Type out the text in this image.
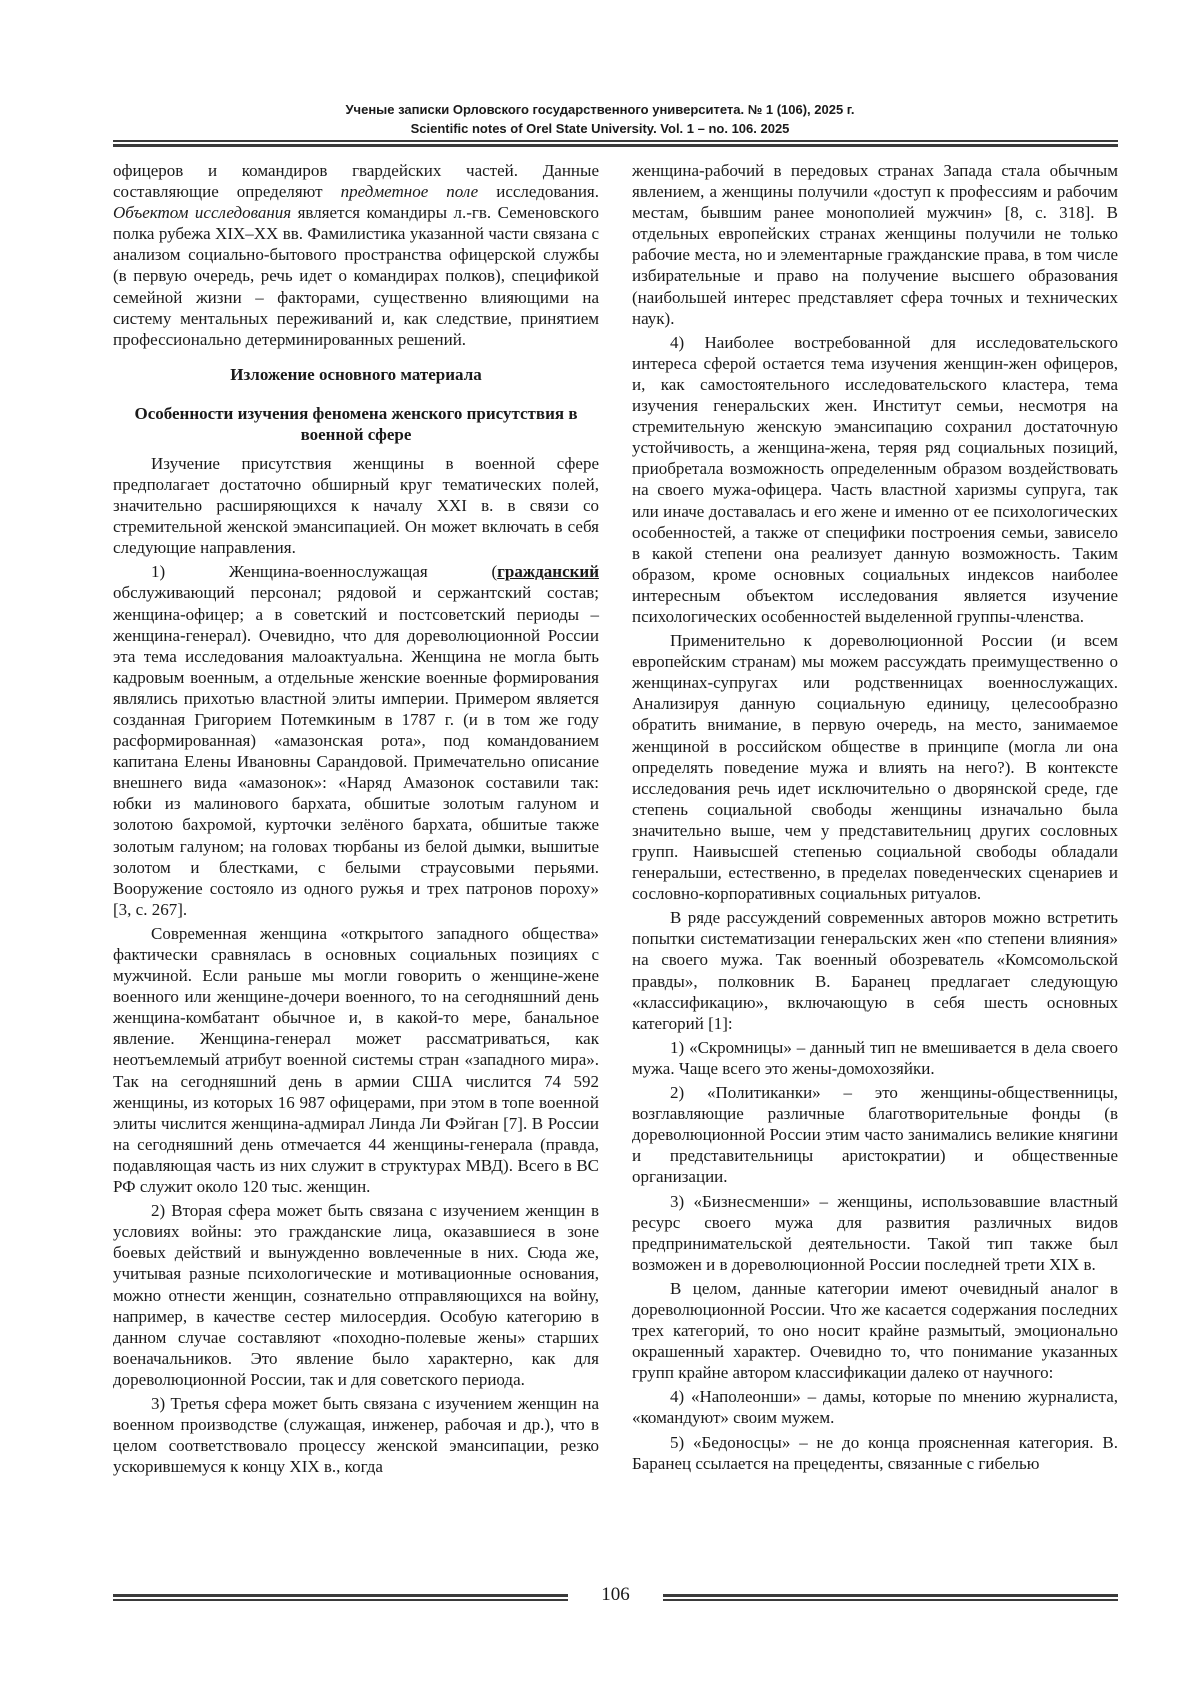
Ученые записки Орловского государственного университета. № 1 (106), 2025 г.
Scientific notes of Orel State University. Vol. 1 – no. 106. 2025

офицеров и командиров гвардейских частей. Данные составляющие определяют предметное поле исследования. Объектом исследования является командиры л.-гв. Семеновского полка рубежа XIX–XX вв. Фамилистика указанной части связана с анализом социально-бытового пространства офицерской службы (в первую очередь, речь идет о командирах полков), спецификой семейной жизни – факторами, существенно влияющими на систему ментальных переживаний и, как следствие, принятием профессионально детерминированных решений.

Изложение основного материала
Особенности изучения феномена женского присутствия в военной сфере

Изучение присутствия женщины в военной сфере предполагает достаточно обширный круг тематических полей, значительно расширяющихся к началу XXI в. в связи со стремительной женской эмансипацией. Он может включать в себя следующие направления.

1) Женщина-военнослужащая (гражданский обслуживающий персонал; рядовой и сержантский состав; женщина-офицер; а в советский и постсоветский периоды – женщина-генерал). Очевидно, что для дореволюционной России эта тема исследования малоактуальна. Женщина не могла быть кадровым военным, а отдельные женские военные формирования являлись прихотью властной элиты империи. Примером является созданная Григорием Потемкиным в 1787 г. (и в том же году расформированная) «амазонская рота», под командованием капитана Елены Ивановны Сарандовой. Примечательно описание внешнего вида «амазонок»: «Наряд Амазонок составили так: юбки из малинового бархата, обшитые золотым галуном и золотою бахромой, курточки зелёного бархата, обшитые также золотым галуном; на головах тюрбаны из белой дымки, вышитые золотом и блестками, с белыми страусовыми перьями. Вооружение состояло из одного ружья и трех патронов пороху» [3, с. 267].

Современная женщина «открытого западного общества» фактически сравнялась в основных социальных позициях с мужчиной. Если раньше мы могли говорить о женщине-жене военного или женщине-дочери военного, то на сегодняшний день женщина-комбатант обычное и, в какой-то мере, банальное явление. Женщина-генерал может рассматриваться, как неотъемлемый атрибут военной системы стран «западного мира». Так на сегодняшний день в армии США числится 74 592 женщины, из которых 16 987 офицерами, при этом в топе военной элиты числится женщина-адмирал Линда Ли Фэйган [7]. В России на сегодняшний день отмечается 44 женщины-генерала (правда, подавляющая часть из них служит в структурах МВД). Всего в ВС РФ служит около 120 тыс. женщин.

2) Вторая сфера может быть связана с изучением женщин в условиях войны: это гражданские лица, оказавшиеся в зоне боевых действий и вынужденно вовлеченные в них. Сюда же, учитывая разные психологические и мотивационные основания, можно отнести женщин, сознательно отправляющихся на войну, например, в качестве сестер милосердия. Особую категорию в данном случае составляют «походно-полевые жены» старших военачальников. Это явление было характерно, как для дореволюционной России, так и для советского периода.

3) Третья сфера может быть связана с изучением женщин на военном производстве (служащая, инженер, рабочая и др.), что в целом соответствовало процессу женской эмансипации, резко ускорившемуся к концу XIX в., когда

женщина-рабочий в передовых странах Запада стала обычным явлением, а женщины получили «доступ к профессиям и рабочим местам, бывшим ранее монополией мужчин» [8, с. 318]. В отдельных европейских странах женщины получили не только рабочие места, но и элементарные гражданские права, в том числе избирательные и право на получение высшего образования (наибольшей интерес представляет сфера точных и технических наук).

4) Наиболее востребованной для исследовательского интереса сферой остается тема изучения женщин-жен офицеров, и, как самостоятельного исследовательского кластера, тема изучения генеральских жен. Институт семьи, несмотря на стремительную женскую эмансипацию сохранил достаточную устойчивость, а женщина-жена, теряя ряд социальных позиций, приобретала возможность определенным образом воздействовать на своего мужа-офицера. Часть властной харизмы супруга, так или иначе доставалась и его жене и именно от ее психологических особенностей, а также от специфики построения семьи, зависело в какой степени она реализует данную возможность. Таким образом, кроме основных социальных индексов наиболее интересным объектом исследования является изучение психологических особенностей выделенной группы-членства.

Применительно к дореволюционной России (и всем европейским странам) мы можем рассуждать преимущественно о женщинах-супругах или родственницах военнослужащих. Анализируя данную социальную единицу, целесообразно обратить внимание, в первую очередь, на место, занимаемое женщиной в российском обществе в принципе (могла ли она определять поведение мужа и влиять на него?). В контексте исследования речь идет исключительно о дворянской среде, где степень социальной свободы женщины изначально была значительно выше, чем у представительниц других сословных групп. Наивысшей степенью социальной свободы обладали генеральши, естественно, в пределах поведенческих сценариев и сословно-корпоративных социальных ритуалов.

В ряде рассуждений современных авторов можно встретить попытки систематизации генеральских жен «по степени влияния» на своего мужа. Так военный обозреватель «Комсомольской правды», полковник В. Баранец предлагает следующую «классификацию», включающую в себя шесть основных категорий [1]:

1) «Скромницы» – данный тип не вмешивается в дела своего мужа. Чаще всего это жены-домохозяйки.

2) «Политиканки» – это женщины-общественницы, возглавляющие различные благотворительные фонды (в дореволюционной России этим часто занимались великие княгини и представительницы аристократии) и общественные организации.

3) «Бизнесменши» – женщины, использовавшие властный ресурс своего мужа для развития различных видов предпринимательской деятельности. Такой тип также был возможен и в дореволюционной России последней трети XIX в.

В целом, данные категории имеют очевидный аналог в дореволюционной России. Что же касается содержания последних трех категорий, то оно носит крайне размытый, эмоционально окрашенный характер. Очевидно то, что понимание указанных групп крайне автором классификации далеко от научного:

4) «Наполеонши» – дамы, которые по мнению журналиста, «командуют» своим мужем.

5) «Бедоносцы» – не до конца проясненная категория. В. Баранец ссылается на прецеденты, связанные с гибелью

106
